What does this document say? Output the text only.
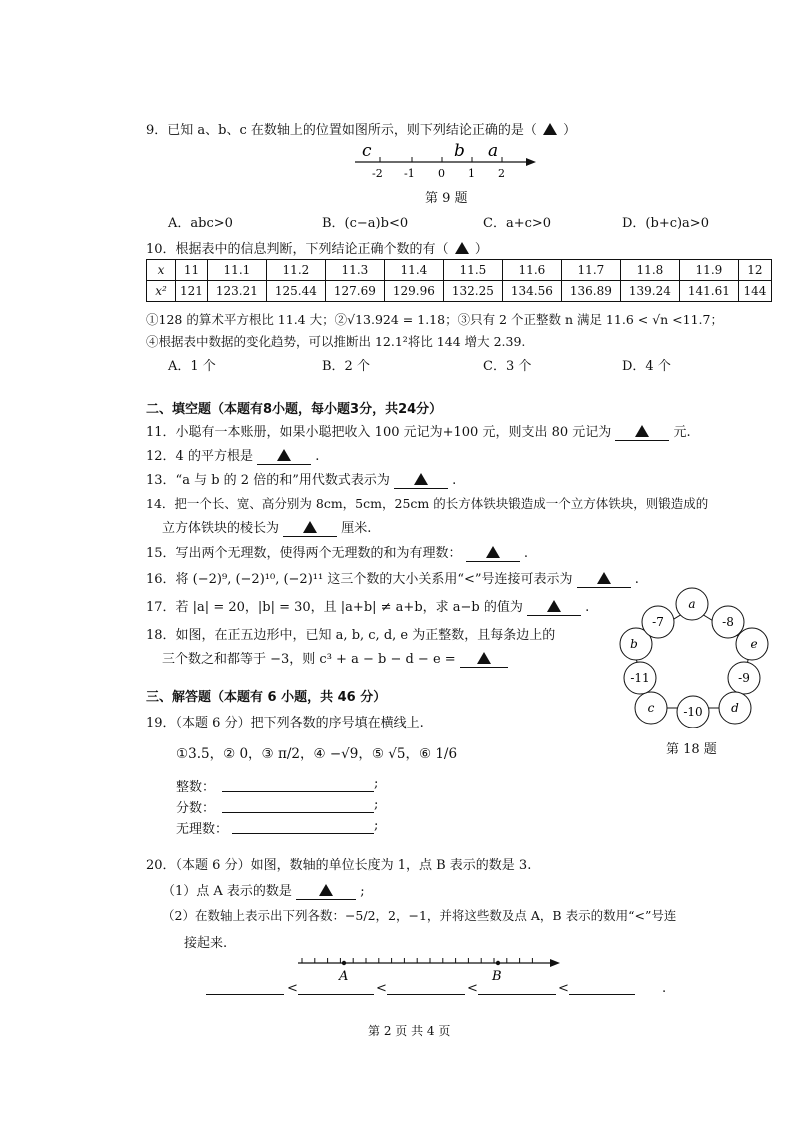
9．已知 a、b、c 在数轴上的位置如图所示，则下列结论正确的是（ ）
c	b a
-2 -1 0 1 2
第 9 题
A．abc>0	B．(c−a)b<0	C．a+c>0	D．(b+c)a>0
10．根据表中的信息判断，下列结论正确个数的有（ ）
x	11	11.1	11.2	11.3	11.4	11.5	11.6	11.7	11.8	11.9	12
x²	121	123.21	125.44	127.69	129.96	132.25	134.56	136.89	139.24	141.61	144
①128 的算术平方根比 11.4 大；②√13.924 = 1.18；③只有 2 个正整数 n 满足 11.6 < √n <11.7；
④根据表中数据的变化趋势，可以推断出 12.1²将比 144 增大 2.39.
A．1 个	B．2 个	C．3 个	D．4 个
二、填空题（本题有8小题，每小题3分，共24分）
11．小聪有一本账册，如果小聪把收入 100 元记为+100 元，则支出 80 元记为	元.
12．4 的平方根是	.
13．“a 与 b 的 2 倍的和”用代数式表示为	.
14．把一个长、宽、高分别为 8cm，5cm，25cm 的长方体铁块锻造成一个立方体铁块，则锻造成的
立方体铁块的棱长为	厘米.
15．写出两个无理数，使得两个无理数的和为有理数：	.
16．将 (−2)⁹, (−2)¹⁰, (−2)¹¹ 这三个数的大小关系用“<”号连接可表示为	.
17．若 |a| = 20，|b| = 30，且 |a+b| ≠ a+b，求 a−b 的值为	.
18．如图，在正五边形中，已知 a, b, c, d, e 为正整数，且每条边上的
三个数之和都等于 −3，则 c³ + a − b − d − e =
a
-8
e
-9
d
-10
c
-11
b
-7
第 18 题
三、解答题（本题有 6 小题，共 46 分）
19．（本题 6 分）把下列各数的序号填在横线上.
①3.5，② 0，③ π/2，④ −√9，⑤ √5，⑥ 1/6
整数：	;
分数：	;
无理数：	;
20．（本题 6 分）如图，数轴的单位长度为 1，点 B 表示的数是 3.
（1）点 A 表示的数是	;
（2）在数轴上表示出下列各数：−5/2，2，−1，并将这些数及点 A，B 表示的数用“<”号连
接起来.
A	B
<	<	<	<	.
第 2 页 共 4 页
